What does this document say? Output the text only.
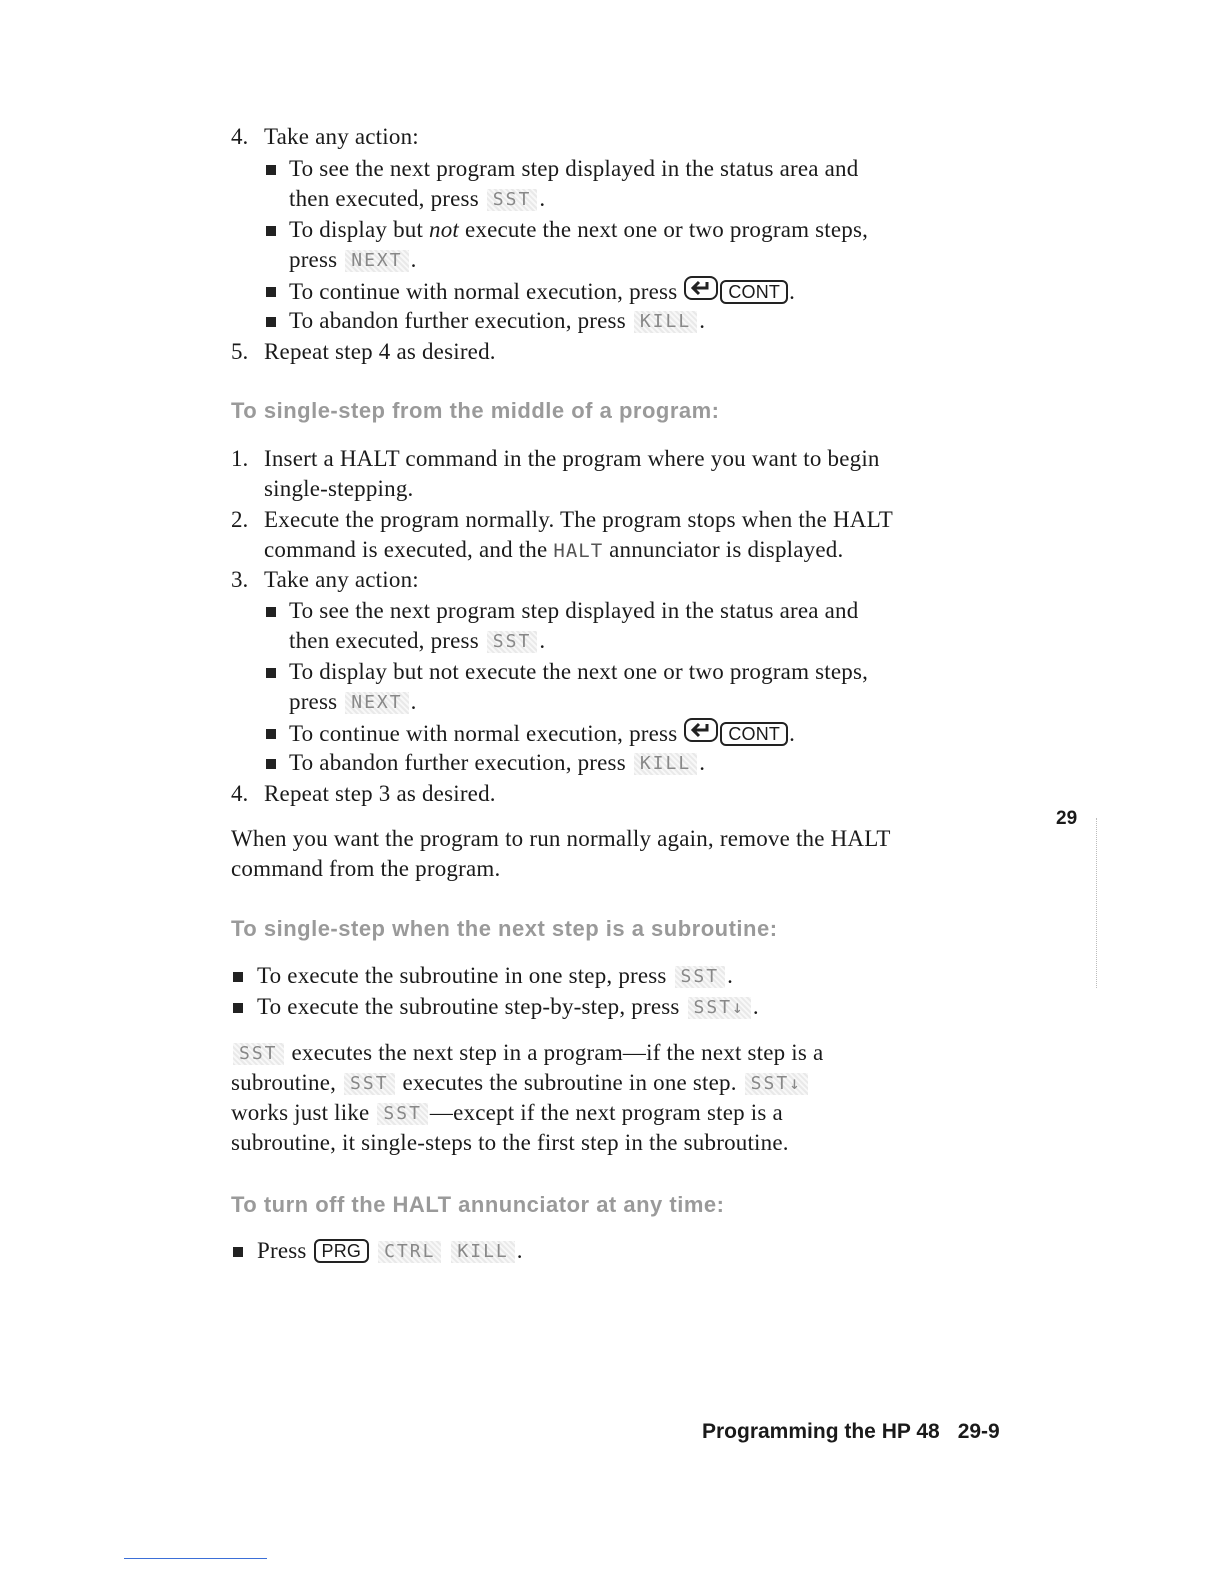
4. Take any action:
To see the next program step displayed in the status area and
then executed, press SST .
To display but not execute the next one or two program steps,
press NEXT .
To continue with normal execution, press	CONT .
To abandon further execution, press KILL .
5. Repeat step 4 as desired.
To single-step from the middle of a program:
1. Insert a HALT command in the program where you want to begin
single-stepping.
2. Execute the program normally. The program stops when the HALT
command is executed, and the HALT annunciator is displayed.
3. Take any action:
To see the next program step displayed in the status area and
then executed, press SST .
To display but not execute the next one or two program steps,
press NEXT .
To continue with normal execution, press	CONT .
To abandon further execution, press KILL .
4. Repeat step 3 as desired.
When you want the program to run normally again, remove the HALT
command from the program.
To single-step when the next step is a subroutine:
To execute the subroutine in one step, press SST .
To execute the subroutine step-by-step, press SST↓ .
SST executes the next step in a program—if the next step is a
subroutine, SST executes the subroutine in one step. SST↓
works just like SST —except if the next program step is a
subroutine, it single-steps to the first step in the subroutine.
To turn off the HALT annunciator at any time:
Press PRG CTRL KILL .
29
Programming the HP 48 29-9
